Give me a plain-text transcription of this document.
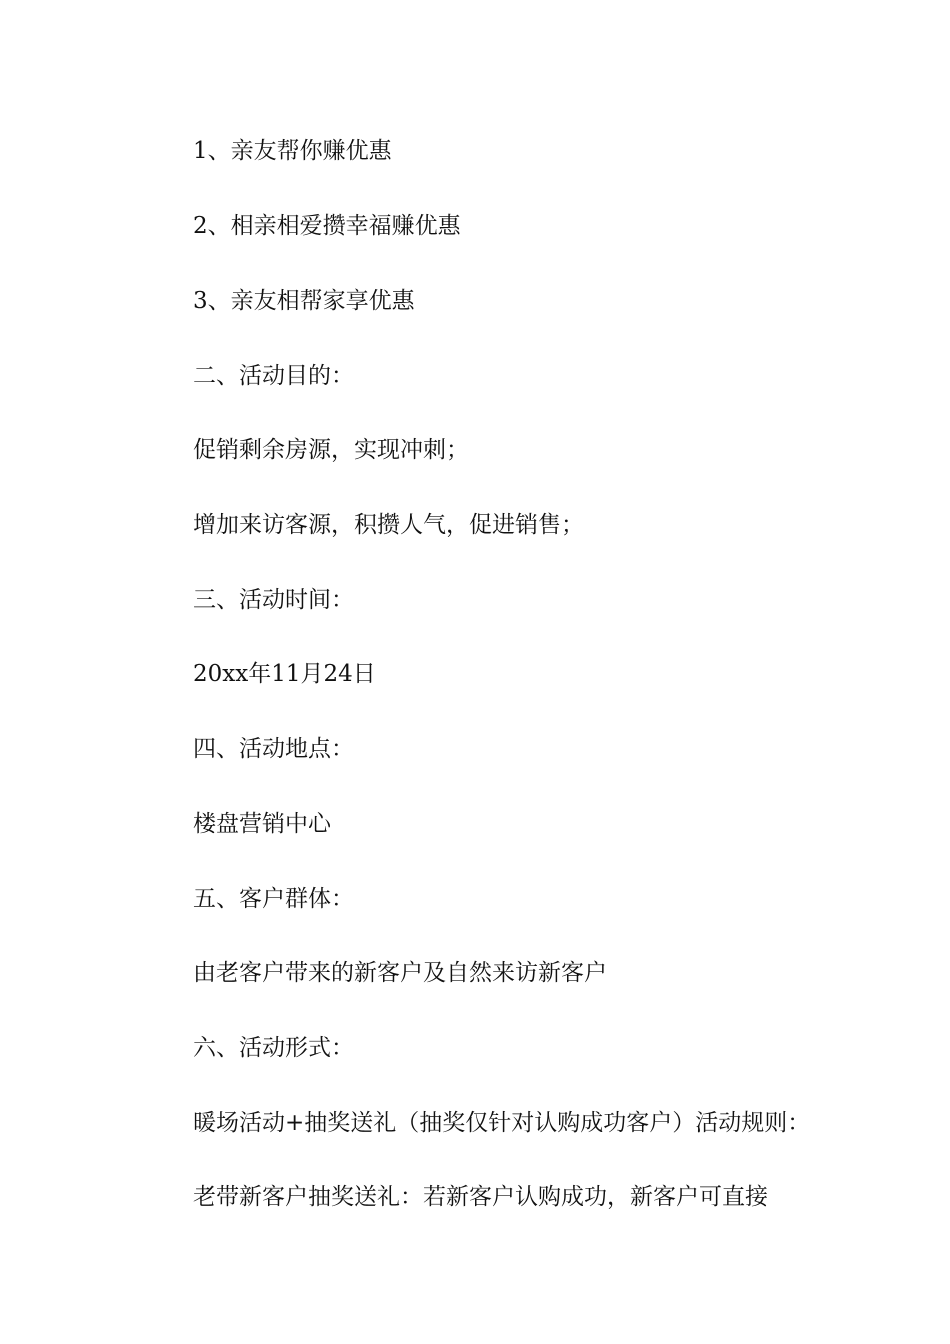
1、亲友帮你赚优惠
2、相亲相爱攒幸福赚优惠
3、亲友相帮家享优惠
二、活动目的：
促销剩余房源，实现冲刺；
增加来访客源，积攒人气，促进销售；
三、活动时间：
20xx年11月24日
四、活动地点：
楼盘营销中心
五、客户群体：
由老客户带来的新客户及自然来访新客户
六、活动形式：
暖场活动+抽奖送礼（抽奖仅针对认购成功客户）活动规则：
老带新客户抽奖送礼：若新客户认购成功，新客户可直接
